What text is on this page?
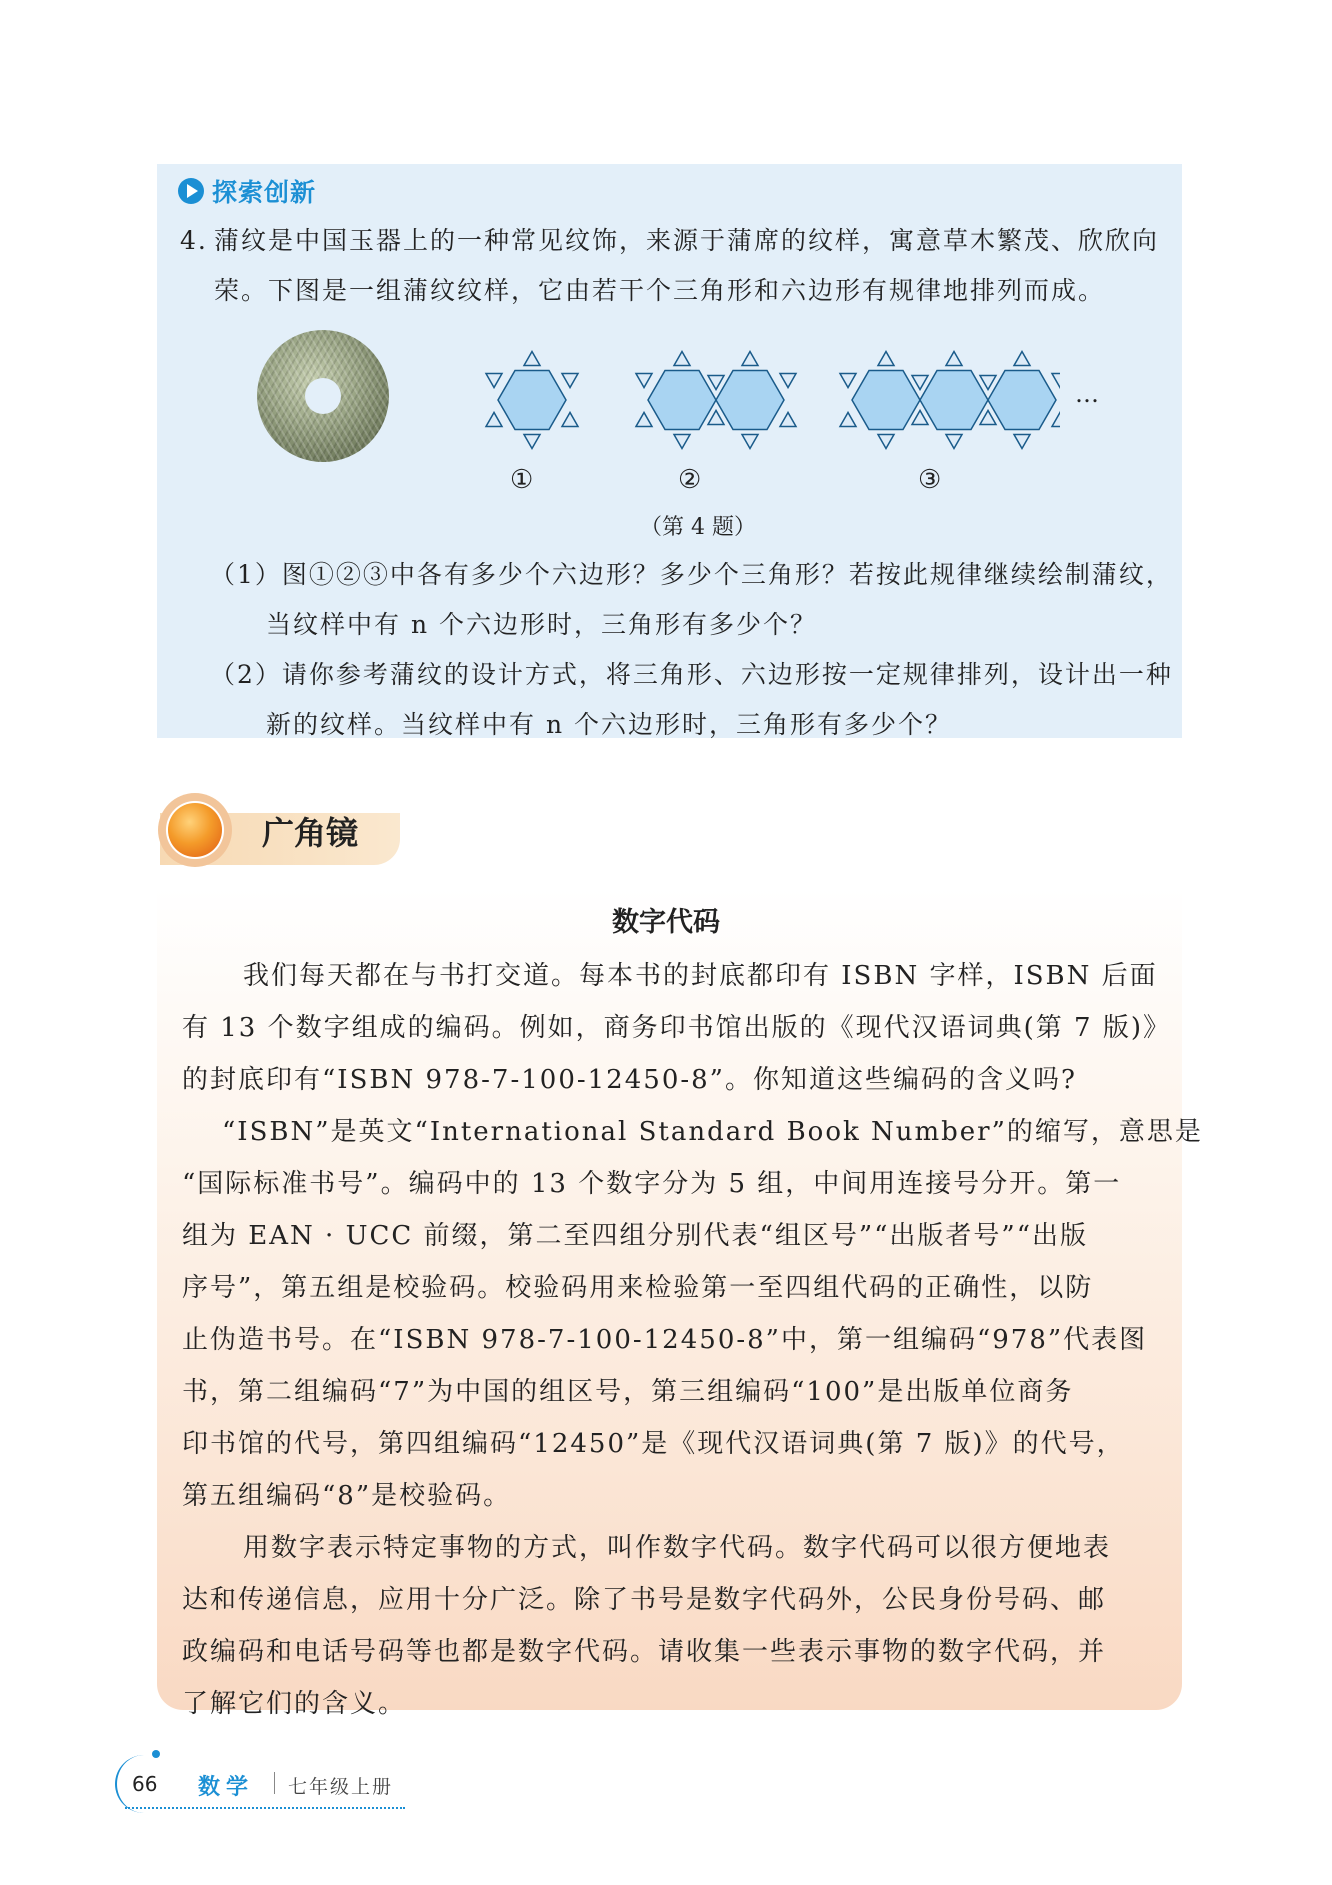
探索创新
4. 蒲纹是中国玉器上的一种常见纹饰，来源于蒲席的纹样，寓意草木繁茂、欣欣向
荣。下图是一组蒲纹纹样，它由若干个三角形和六边形有规律地排列而成。
①	②	③
…
（第 4 题）
（1）图①②③中各有多少个六边形？多少个三角形？若按此规律继续绘制蒲纹，
当纹样中有 n 个六边形时，三角形有多少个？
（2）请你参考蒲纹的设计方式，将三角形、六边形按一定规律排列，设计出一种
新的纹样。当纹样中有 n 个六边形时，三角形有多少个？
广角镜
数字代码
我们每天都在与书打交道。每本书的封底都印有 ISBN 字样，ISBN 后面
有 13 个数字组成的编码。例如，商务印书馆出版的《现代汉语词典(第 7 版)》
的封底印有“ISBN 978-7-100-12450-8”。你知道这些编码的含义吗?
“ISBN”是英文“International Standard Book Number”的缩写，意思是
“国际标准书号”。编码中的 13 个数字分为 5 组，中间用连接号分开。第一
组为 EAN · UCC 前缀，第二至四组分别代表“组区号”“出版者号”“出版
序号”，第五组是校验码。校验码用来检验第一至四组代码的正确性，以防
止伪造书号。在“ISBN 978-7-100-12450-8”中，第一组编码“978”代表图
书，第二组编码“7”为中国的组区号，第三组编码“100”是出版单位商务
印书馆的代号，第四组编码“12450”是《现代汉语词典(第 7 版)》的代号，
第五组编码“8”是校验码。
用数字表示特定事物的方式，叫作数字代码。数字代码可以很方便地表
达和传递信息，应用十分广泛。除了书号是数字代码外，公民身份号码、邮
政编码和电话号码等也都是数字代码。请收集一些表示事物的数字代码，并
了解它们的含义。
66 数学 七年级上册
